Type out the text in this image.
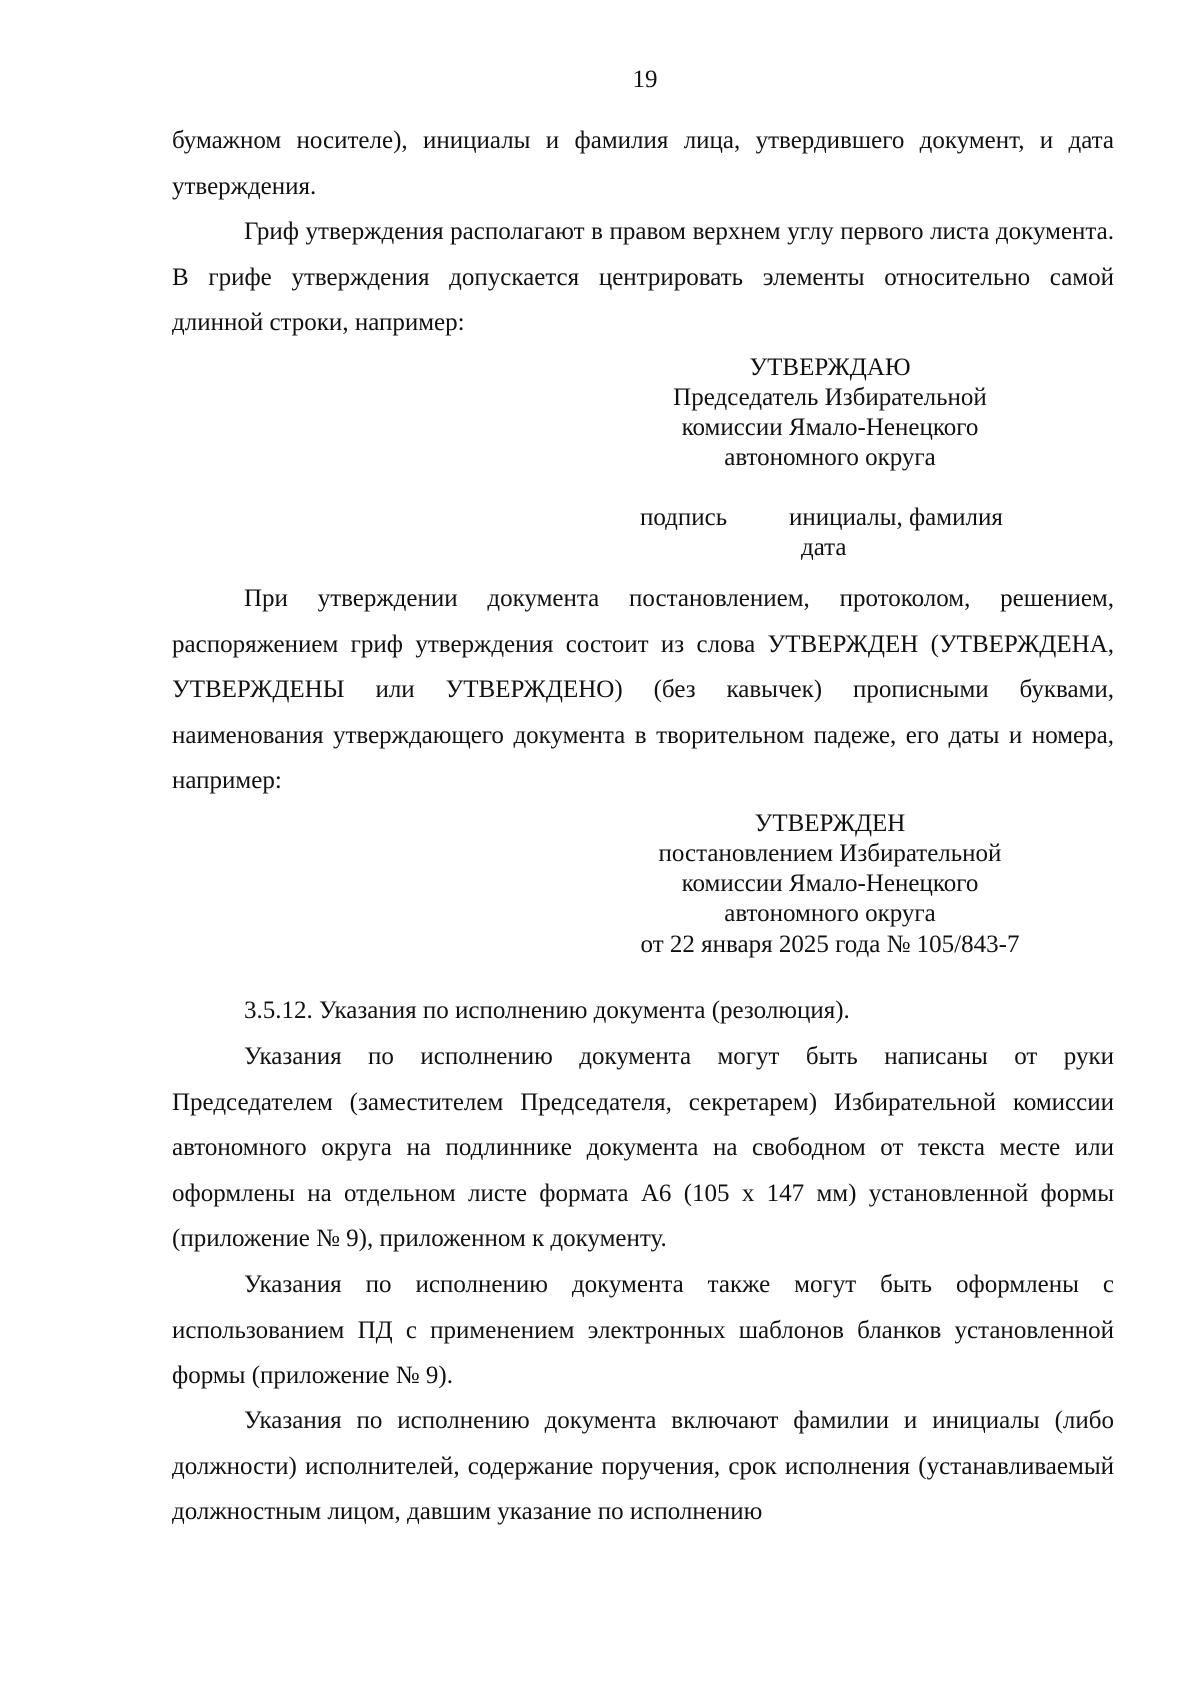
19

бумажном носителе), инициалы и фамилия лица, утвердившего документ, и дата утверждения.

Гриф утверждения располагают в правом верхнем углу первого листа документа. В грифе утверждения допускается центрировать элементы относительно самой длинной строки, например:

УТВЕРЖДАЮ
Председатель Избирательной
комиссии Ямало-Ненецкого
автономного округа
подпись инициалы, фамилия
дата

При утверждении документа постановлением, протоколом, решением, распоряжением гриф утверждения состоит из слова УТВЕРЖДЕН (УТВЕРЖДЕНА, УТВЕРЖДЕНЫ или УТВЕРЖДЕНО) (без кавычек) прописными буквами, наименования утверждающего документа в творительном падеже, его даты и номера, например:

УТВЕРЖДЕН
постановлением Избирательной
комиссии Ямало-Ненецкого
автономного округа
от 22 января 2025 года № 105/843-7

3.5.12. Указания по исполнению документа (резолюция).

Указания по исполнению документа могут быть написаны от руки Председателем (заместителем Председателя, секретарем) Избирательной комиссии автономного округа на подлиннике документа на свободном от текста месте или оформлены на отдельном листе формата А6 (105 х 147 мм) установленной формы (приложение № 9), приложенном к документу.

Указания по исполнению документа также могут быть оформлены с использованием ПД с применением электронных шаблонов бланков установленной формы (приложение № 9).

Указания по исполнению документа включают фамилии и инициалы (либо должности) исполнителей, содержание поручения, срок исполнения (устанавливаемый должностным лицом, давшим указание по исполнению
